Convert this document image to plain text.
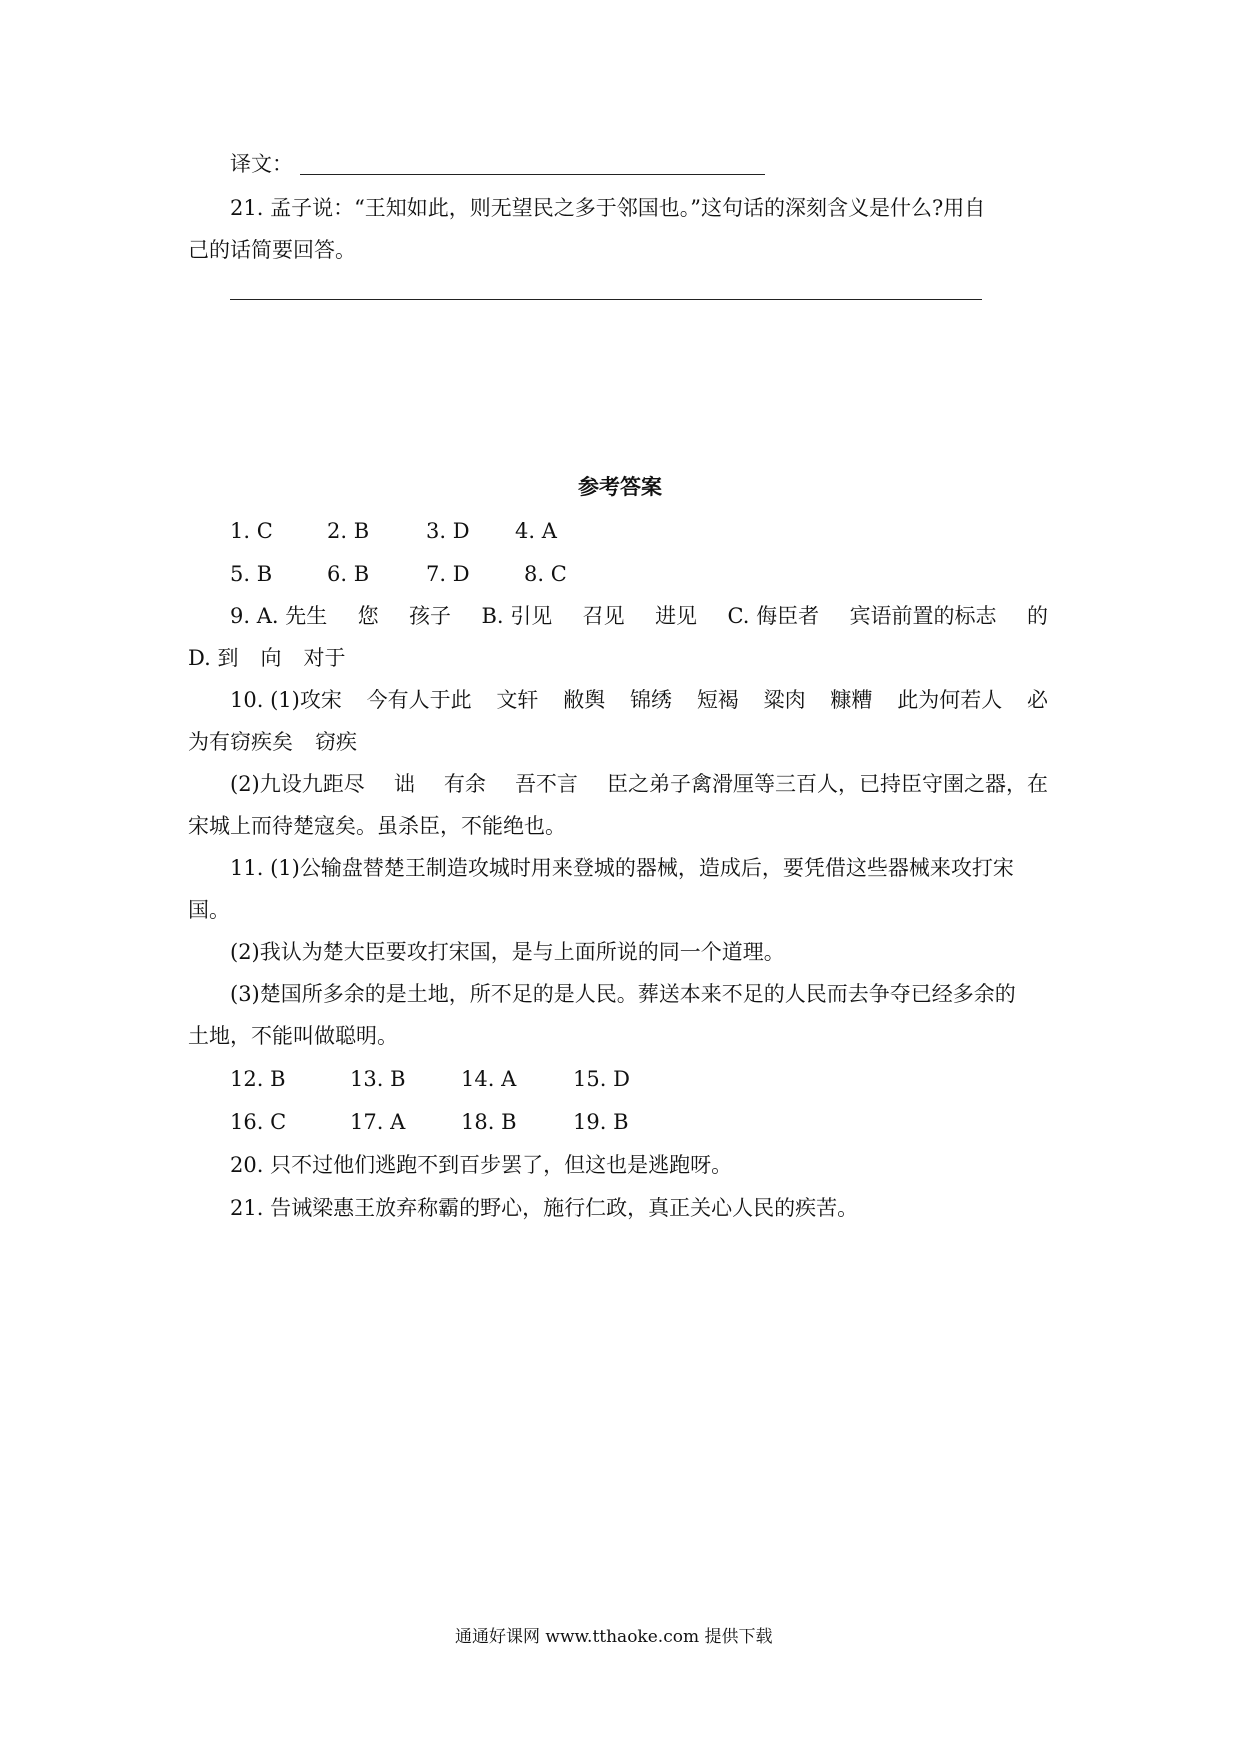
译文：
21. 孟子说：“王知如此，则无望民之多于邻国也。”这句话的深刻含义是什么?用自
己的话简要回答。
参考答案
1. C	2. B	3. D 4. A
5. B	6. B	7. D	8. C
9. A. 先生 您 孩子 B. 引见 召见 进见 C. 侮臣者 宾语前置的标志 的
D. 到 向 对于
10. (1)攻宋 今有人于此 文轩 敝舆 锦绣 短褐 粱肉 糠糟 此为何若人 必
为有窃疾矣 窃疾
(2)九设九距尽 诎 有余 吾不言 臣之弟子禽滑厘等三百人，已持臣守圉之器，在
宋城上而待楚寇矣。虽杀臣，不能绝也。
11. (1)公输盘替楚王制造攻城时用来登城的器械，造成后，要凭借这些器械来攻打宋
国。
(2)我认为楚大臣要攻打宋国，是与上面所说的同一个道理。
(3)楚国所多余的是土地，所不足的是人民。葬送本来不足的人民而去争夺已经多余的
土地，不能叫做聪明。
12. B	13. B	14. A	15. D
16. C	17. A	18. B	19. B
20. 只不过他们逃跑不到百步罢了，但这也是逃跑呀。
21. 告诫梁惠王放弃称霸的野心，施行仁政，真正关心人民的疾苦。
通通好课网 www.tthaoke.com 提供下载
